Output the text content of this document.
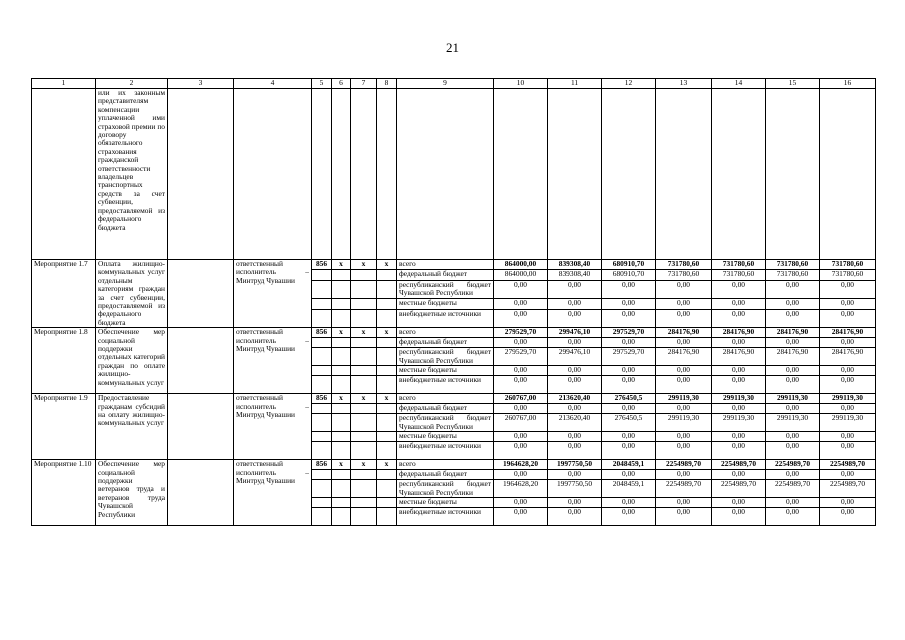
21
1	2	3	4	5	6	7	8	9	10	11	12	13	14	15	16
	или их законным представителям компенсации уплаченной ими страховой премии по договору обязательного страхования гражданской ответственности владельцев транспортных средств за счет субвенции, предоставляемой из федерального бюджета														
Мероприятие 1.7	Оплата жилищно-коммунальных услуг отдельным категориям граждан за счет субвенции, предоставляемой из федерального бюджета		ответственный исполнитель – Минтруд Чувашии	856	x	x	x	всего	864000,00	839308,40	680910,70	731780,60	731780,60	731780,60	731780,60
								федеральный бюджет	864000,00	839308,40	680910,70	731780,60	731780,60	731780,60	731780,60
								республиканский бюджет Чувашской Республики	0,00	0,00	0,00	0,00	0,00	0,00	0,00
								местные бюджеты	0,00	0,00	0,00	0,00	0,00	0,00	0,00
								внебюджетные источники	0,00	0,00	0,00	0,00	0,00	0,00	0,00
Мероприятие 1.8	Обеспечение мер социальной поддержки отдельных категорий граждан по оплате жилищно-коммунальных услуг		ответственный исполнитель – Минтруд Чувашии	856	x	x	x	всего	279529,70	299476,10	297529,70	284176,90	284176,90	284176,90	284176,90
								федеральный бюджет	0,00	0,00	0,00	0,00	0,00	0,00	0,00
								республиканский бюджет Чувашской Республики	279529,70	299476,10	297529,70	284176,90	284176,90	284176,90	284176,90
								местные бюджеты	0,00	0,00	0,00	0,00	0,00	0,00	0,00
								внебюджетные источники	0,00	0,00	0,00	0,00	0,00	0,00	0,00
Мероприятие 1.9	Предоставление гражданам субсидий на оплату жилищно-коммунальных услуг		ответственный исполнитель – Минтруд Чувашии	856	x	x	x	всего	260767,00	213620,40	276450,5	299119,30	299119,30	299119,30	299119,30
								федеральный бюджет	0,00	0,00	0,00	0,00	0,00	0,00	0,00
								республиканский бюджет Чувашской Республики	260767,00	213620,40	276450,5	299119,30	299119,30	299119,30	299119,30
								местные бюджеты	0,00	0,00	0,00	0,00	0,00	0,00	0,00
								внебюджетные источники	0,00	0,00	0,00	0,00	0,00	0,00	0,00
Мероприятие 1.10	Обеспечение мер социальной поддержки ветеранов труда и ветеранов труда Чувашской Республики		ответственный исполнитель – Минтруд Чувашии	856	x	x	x	всего	1964628,20	1997750,50	2048459,1	2254989,70	2254989,70	2254989,70	2254989,70
								федеральный бюджет	0,00	0,00	0,00	0,00	0,00	0,00	0,00
								республиканский бюджет Чувашской Республики	1964628,20	1997750,50	2048459,1	2254989,70	2254989,70	2254989,70	2254989,70
								местные бюджеты	0,00	0,00	0,00	0,00	0,00	0,00	0,00
								внебюджетные источники	0,00	0,00	0,00	0,00	0,00	0,00	0,00
